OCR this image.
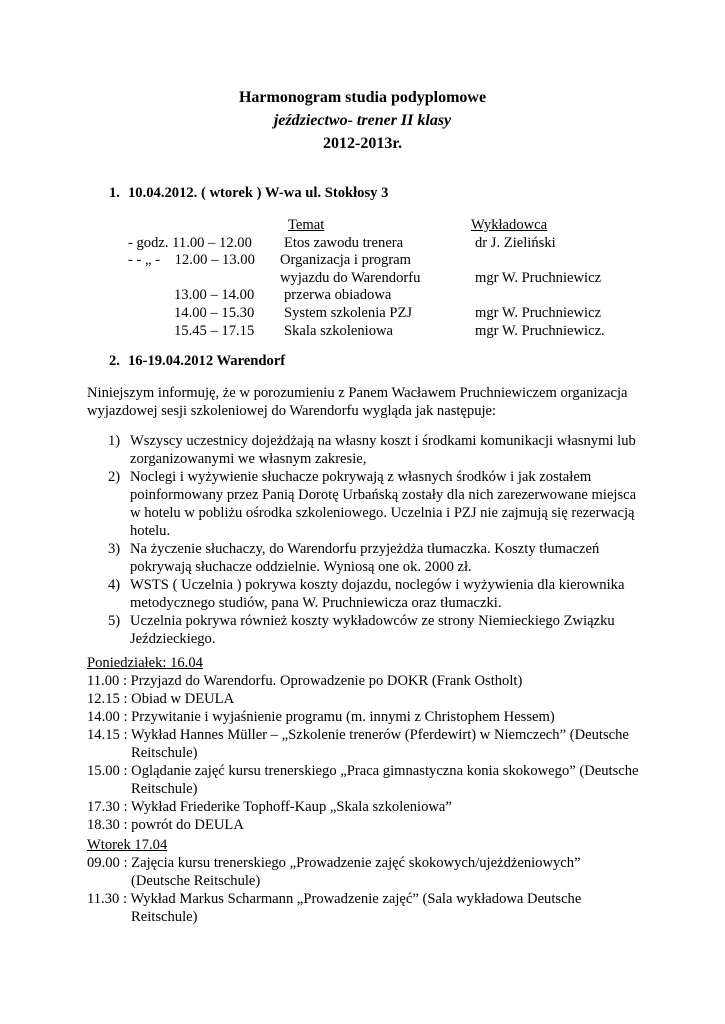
Harmonogram studia podyplomowe
jeździectwo- trener II klasy
2012-2013r.
1. 10.04.2012. ( wtorek ) W-wa ul. Stokłosy 3
Temat	Wykładowca
- godz. 11.00 – 12.00 Etos zawodu trenera	dr J. Zieliński
- - „ -    12.00 – 13.00 Organizacja i program
wyjazdu do Warendorfu	mgr W. Pruchniewicz
13.00 – 14.00 przerwa obiadowa
14.00 – 15.30 System szkolenia PZJ	mgr W. Pruchniewicz
15.45 – 17.15 Skala szkoleniowa	mgr W. Pruchniewicz.
2. 16-19.04.2012 Warendorf
Niniejszym informuję, że w porozumieniu z Panem Wacławem Pruchniewiczem organizacja wyjazdowej sesji szkoleniowej do Warendorfu wygląda jak następuje:
1) Wszyscy uczestnicy dojeżdżają na własny koszt i środkami komunikacji własnymi lub zorganizowanymi we własnym zakresie,
2) Noclegi i wyżywienie słuchacze pokrywają z własnych środków i jak zostałem poinformowany przez Panią Dorotę Urbańską zostały dla nich zarezerwowane miejsca w hotelu w pobliżu ośrodka szkoleniowego. Uczelnia i PZJ nie zajmują się rezerwacją hotelu.
3) Na życzenie słuchaczy, do Warendorfu przyjeżdża tłumaczka. Koszty tłumaczeń pokrywają słuchacze oddzielnie. Wyniosą one ok. 2000 zł.
4) WSTS ( Uczelnia ) pokrywa koszty dojazdu, noclegów i wyżywienia dla kierownika metodycznego studiów, pana W. Pruchniewicza oraz tłumaczki.
5) Uczelnia pokrywa również koszty wykładowców ze strony Niemieckiego Związku Jeździeckiego.
Poniedziałek: 16.04
11.00 : Przyjazd do Warendorfu. Oprowadzenie po DOKR (Frank Ostholt)
12.15 : Obiad w DEULA
14.00 : Przywitanie i wyjaśnienie programu (m. innymi z Christophem Hessem)
14.15 : Wykład Hannes Müller – „Szkolenie trenerów (Pferdewirt) w Niemczech” (Deutsche
Reitschule)
15.00 : Oglądanie zajęć kursu trenerskiego „Praca gimnastyczna konia skokowego” (Deutsche
Reitschule)
17.30 : Wykład Friederike Tophoff-Kaup „Skala szkoleniowa”
18.30 : powrót do DEULA
Wtorek 17.04
09.00 : Zajęcia kursu trenerskiego „Prowadzenie zajęć skokowych/ujeżdżeniowych”
(Deutsche Reitschule)
11.30 : Wykład Markus Scharmann „Prowadzenie zajęć” (Sala wykładowa Deutsche
Reitschule)
